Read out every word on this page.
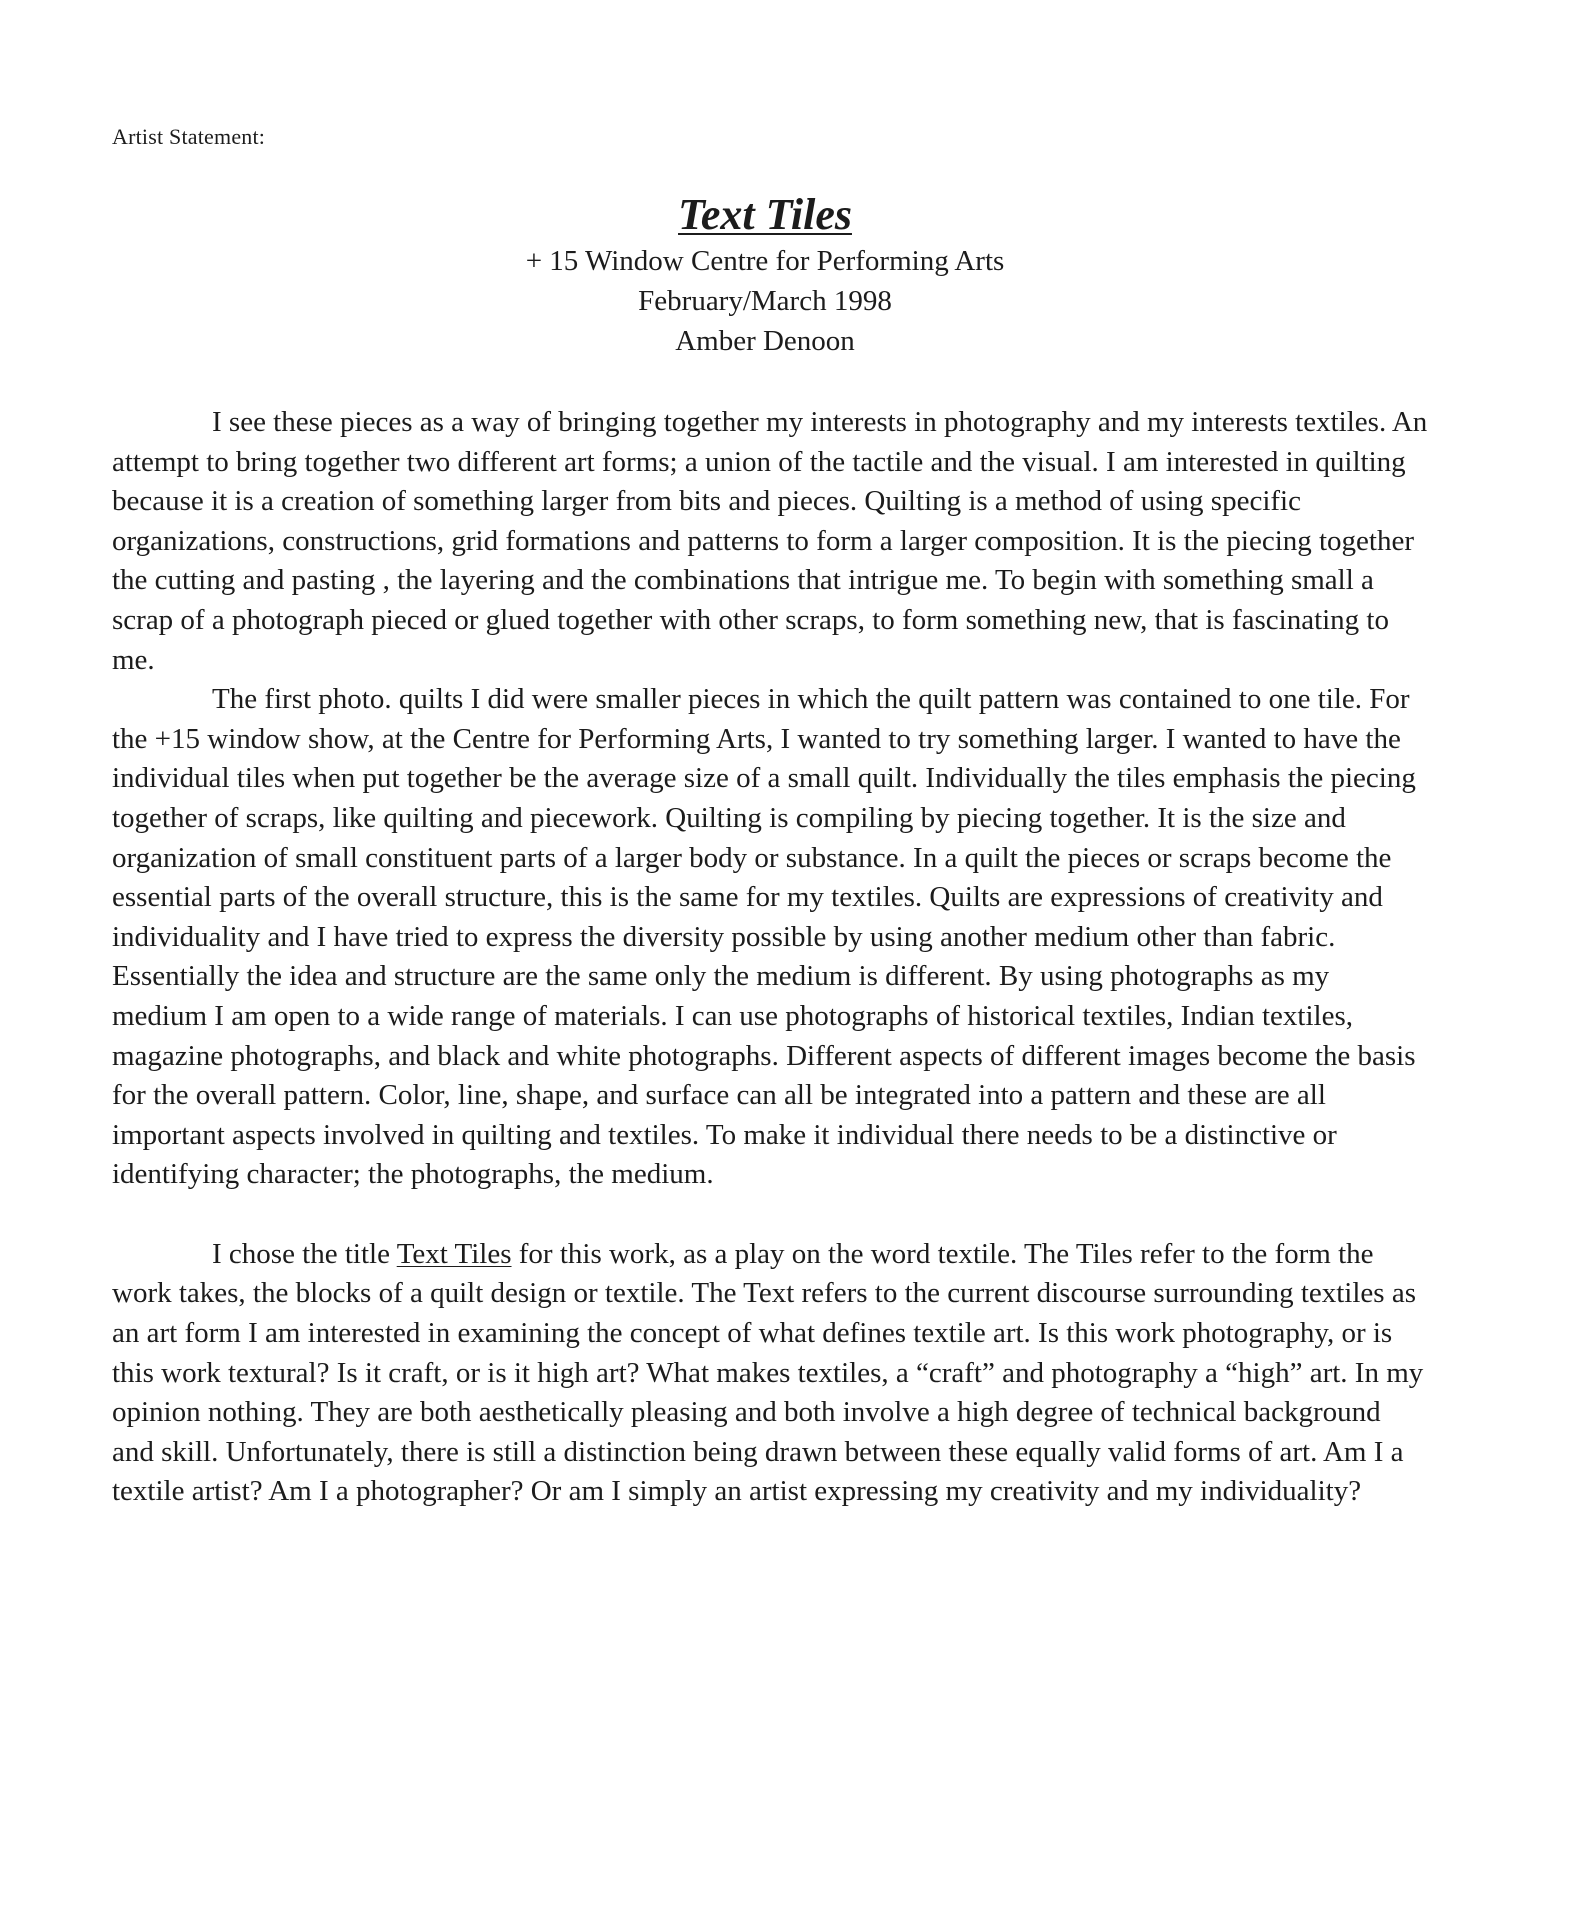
Artist Statement:
Text Tiles
+ 15 Window Centre for Performing Arts
February/March 1998
Amber Denoon

I see these pieces as a way of bringing together my interests in photography and my interests textiles. An attempt to bring together two different art forms; a union of the tactile and the visual. I am interested in quilting because it is a creation of something larger from bits and pieces. Quilting is a method of using specific organizations, constructions, grid formations and patterns to form a larger composition. It is the piecing together the cutting and pasting , the layering and the combinations that intrigue me. To begin with something small a scrap of a photograph pieced or glued together with other scraps, to form something new, that is fascinating to me.

The first photo. quilts I did were smaller pieces in which the quilt pattern was contained to one tile. For the +15 window show, at the Centre for Performing Arts, I wanted to try something larger. I wanted to have the individual tiles when put together be the average size of a small quilt. Individually the tiles emphasis the piecing together of scraps, like quilting and piecework. Quilting is compiling by piecing together. It is the size and organization of small constituent parts of a larger body or substance. In a quilt the pieces or scraps become the essential parts of the overall structure, this is the same for my textiles. Quilts are expressions of creativity and individuality and I have tried to express the diversity possible by using another medium other than fabric. Essentially the idea and structure are the same only the medium is different. By using photographs as my medium I am open to a wide range of materials. I can use photographs of historical textiles, Indian textiles, magazine photographs, and black and white photographs. Different aspects of different images become the basis for the overall pattern. Color, line, shape, and surface can all be integrated into a pattern and these are all important aspects involved in quilting and textiles. To make it individual there needs to be a distinctive or identifying character; the photographs, the medium.

I chose the title Text Tiles for this work, as a play on the word textile. The Tiles refer to the form the work takes, the blocks of a quilt design or textile. The Text refers to the current discourse surrounding textiles as an art form I am interested in examining the concept of what defines textile art. Is this work photography, or is this work textural? Is it craft, or is it high art? What makes textiles, a “craft” and photography a “high” art. In my opinion nothing. They are both aesthetically pleasing and both involve a high degree of technical background and skill. Unfortunately, there is still a distinction being drawn between these equally valid forms of art. Am I a textile artist? Am I a photographer? Or am I simply an artist expressing my creativity and my individuality?
